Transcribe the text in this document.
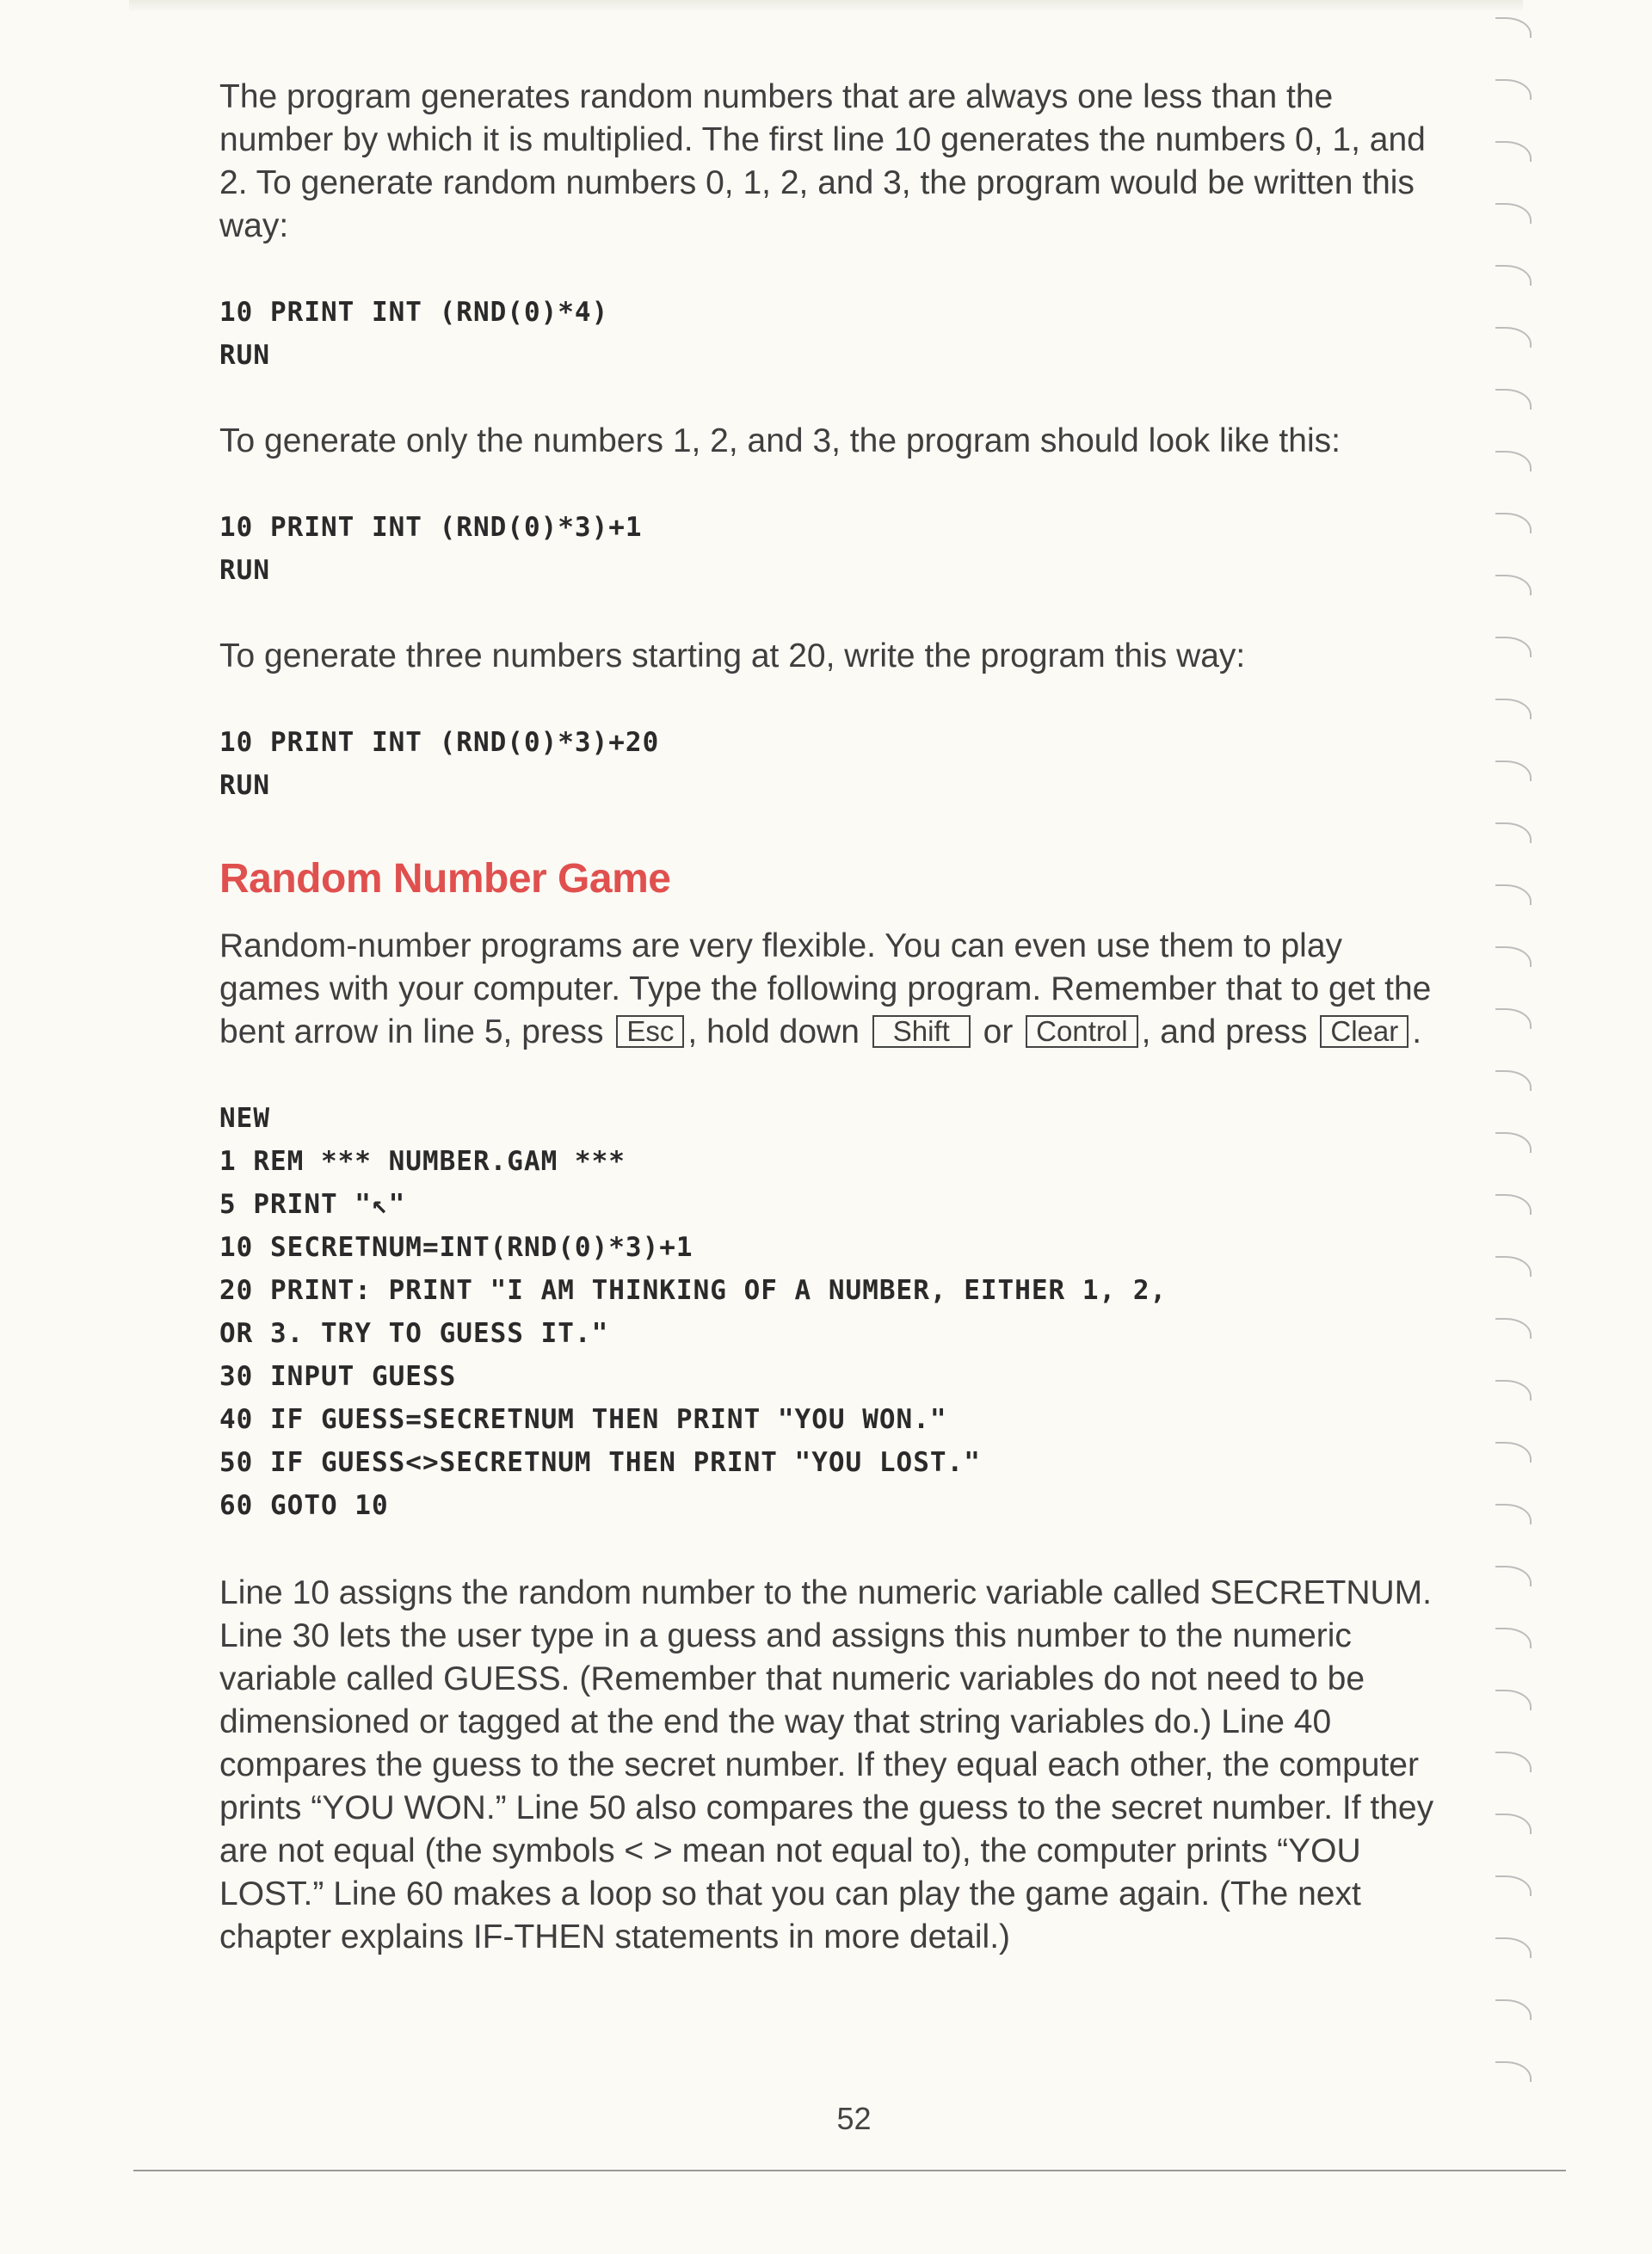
The program generates random numbers that are always one less than the number by which it is multiplied. The first line 10 generates the numbers 0, 1, and 2. To generate random numbers 0, 1, 2, and 3, the program would be written this way:

10 PRINT INT (RND(0)*4)

RUN

To generate only the numbers 1, 2, and 3, the program should look like this:

10 PRINT INT (RND(0)*3)+1

RUN

To generate three numbers starting at 20, write the program this way:

10 PRINT INT (RND(0)*3)+20

RUN

Random Number Game

Random-number programs are very flexible. You can even use them to play games with your computer. Type the following program. Remember that to get the bent arrow in line 5, press Esc , hold down Shift or Control , and press Clear .

NEW

1 REM *** NUMBER.GAM ***

5 PRINT "↖"

10 SECRETNUM=INT(RND(0)*3)+1

20 PRINT: PRINT "I AM THINKING OF A NUMBER, EITHER 1, 2,

OR 3. TRY TO GUESS IT."

30 INPUT GUESS

40 IF GUESS=SECRETNUM THEN PRINT "YOU WON."

50 IF GUESS<>SECRETNUM THEN PRINT "YOU LOST."

60 GOTO 10

Line 10 assigns the random number to the numeric variable called SECRETNUM. Line 30 lets the user type in a guess and assigns this number to the numeric variable called GUESS. (Remember that numeric variables do not need to be dimensioned or tagged at the end the way that string variables do.) Line 40 compares the guess to the secret number. If they equal each other, the computer prints “YOU WON.” Line 50 also compares the guess to the secret number. If they are not equal (the symbols < > mean not equal to), the computer prints “YOU LOST.” Line 60 makes a loop so that you can play the game again. (The next chapter explains IF-THEN statements in more detail.)

52
